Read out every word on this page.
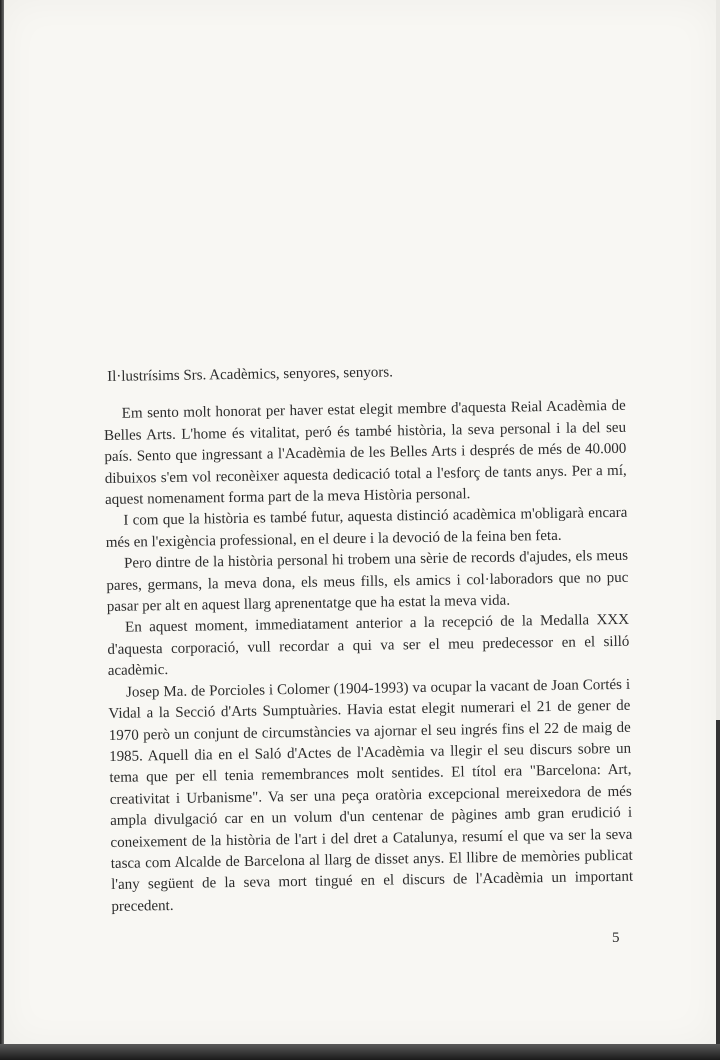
Il·lustrísims Srs. Acadèmics, senyores, senyors.

Em sento molt honorat per haver estat elegit membre d'aquesta Reial Acadèmia de Belles Arts. L'home és vitalitat, peró és també història, la seva personal i la del seu país. Sento que ingressant a l'Acadèmia de les Belles Arts i després de més de 40.000 dibuixos s'em vol reconèixer aquesta dedicació total a l'esforç de tants anys. Per a mí, aquest nomenament forma part de la meva Història personal.

I com que la història es també futur, aquesta distinció acadèmica m'obligarà encara més en l'exigència professional, en el deure i la devoció de la feina ben feta.

Pero dintre de la història personal hi trobem una sèrie de records d'ajudes, els meus pares, germans, la meva dona, els meus fills, els amics i col·laboradors que no puc pasar per alt en aquest llarg aprenentatge que ha estat la meva vida.

En aquest moment, immediatament anterior a la recepció de la Medalla XXX d'aquesta corporació, vull recordar a qui va ser el meu predecessor en el silló acadèmic.

Josep Ma. de Porcioles i Colomer (1904-1993) va ocupar la vacant de Joan Cortés i Vidal a la Secció d'Arts Sumptuàries. Havia estat elegit numerari el 21 de gener de 1970 però un conjunt de circumstàncies va ajornar el seu ingrés fins el 22 de maig de 1985. Aquell dia en el Saló d'Actes de l'Acadèmia va llegir el seu discurs sobre un tema que per ell tenia remembrances molt sentides. El títol era "Barcelona: Art, creativitat i Urbanisme". Va ser una peça oratòria excepcional mereixedora de més ampla divulgació car en un volum d'un centenar de pàgines amb gran erudició i coneixement de la història de l'art i del dret a Catalunya, resumí el que va ser la seva tasca com Alcalde de Barcelona al llarg de disset anys. El llibre de memòries publicat l'any següent de la seva mort tingué en el discurs de l'Acadèmia un important precedent.

5
